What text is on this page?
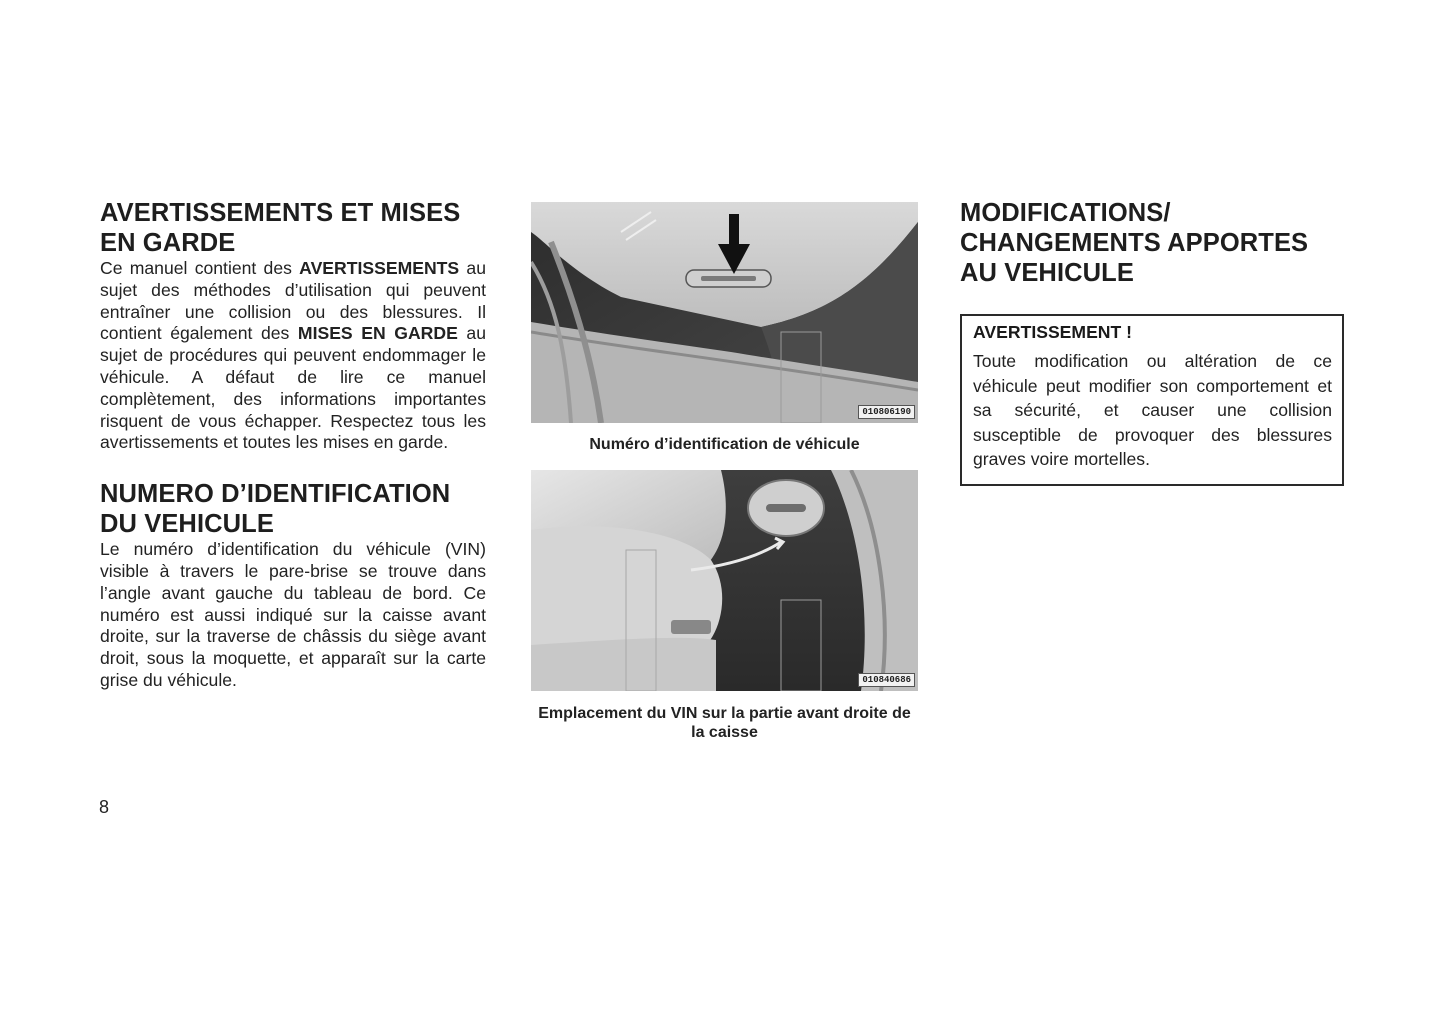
AVERTISSEMENTS ET MISES EN GARDE

Ce manuel contient des AVERTISSEMENTS au sujet des méthodes d’utilisation qui peuvent entraîner une collision ou des blessures. Il contient également des MISES EN GARDE au sujet de procédures qui peuvent endommager le véhicule. A défaut de lire ce manuel complètement, des informations importantes risquent de vous échapper. Respectez tous les avertissements et toutes les mises en garde.

NUMERO D’IDENTIFICATION DU VEHICULE

Le numéro d’identification du véhicule (VIN) visible à travers le pare-brise se trouve dans l’angle avant gauche du tableau de bord. Ce numéro est aussi indiqué sur la caisse avant droite, sur la traverse de châssis du siège avant droit, sous la moquette, et apparaît sur la carte grise du véhicule.

010806190
Numéro d’identification de véhicule
010840686
Emplacement du VIN sur la partie avant droite de la caisse
MODIFICATIONS/ CHANGEMENTS APPORTES AU VEHICULE
AVERTISSEMENT !

Toute modification ou altération de ce véhicule peut modifier son comportement et sa sécurité, et causer une collision susceptible de provoquer des blessures graves voire mortelles.

8
